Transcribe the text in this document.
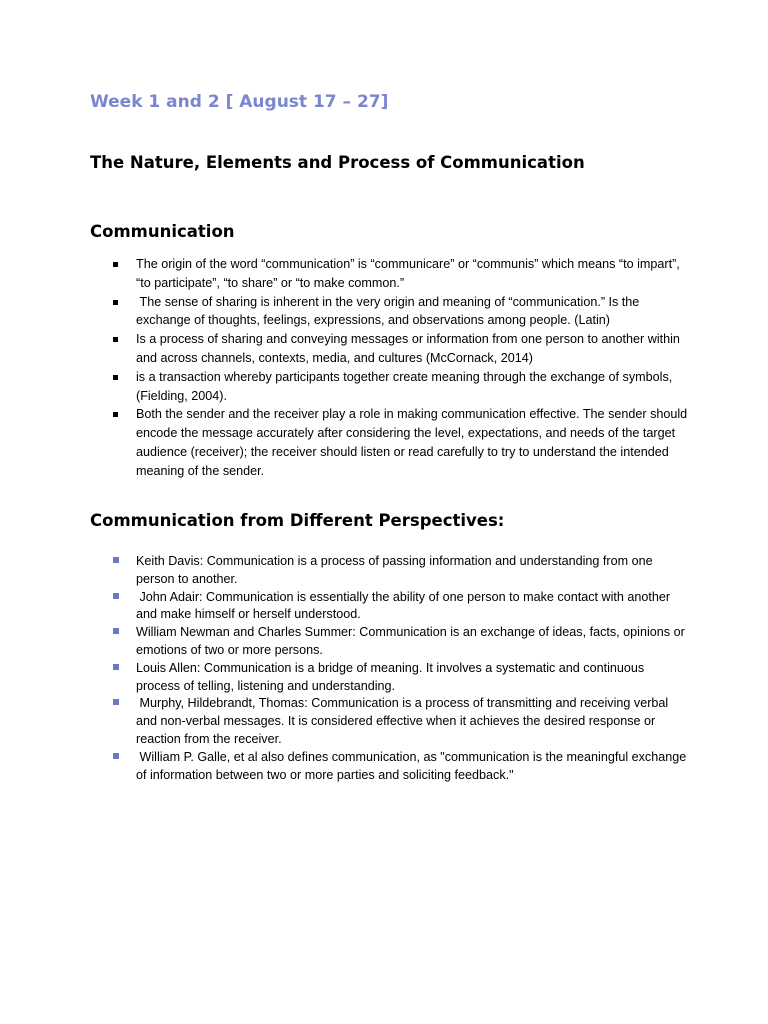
Week 1 and 2 [ August 17 – 27]
The Nature, Elements and Process of Communication
Communication
The origin of the word “communication” is “communicare” or “communis” which means “to impart”, “to participate”, “to share” or “to make common.”
The sense of sharing is inherent in the very origin and meaning of “communication.” Is the exchange of thoughts, feelings, expressions, and observations among people. (Latin)
Is a process of sharing and conveying messages or information from one person to another within and across channels, contexts, media, and cultures (McCornack, 2014)
is a transaction whereby participants together create meaning through the exchange of symbols, (Fielding, 2004).
Both the sender and the receiver play a role in making communication effective. The sender should encode the message accurately after considering the level, expectations, and needs of the target audience (receiver); the receiver should listen or read carefully to try to understand the intended meaning of the sender.
Communication from Different Perspectives:
Keith Davis: Communication is a process of passing information and understanding from one person to another.
John Adair: Communication is essentially the ability of one person to make contact with another and make himself or herself understood.
William Newman and Charles Summer: Communication is an exchange of ideas, facts, opinions or emotions of two or more persons.
Louis Allen: Communication is a bridge of meaning. It involves a systematic and continuous process of telling, listening and understanding.
Murphy, Hildebrandt, Thomas: Communication is a process of transmitting and receiving verbal and non-verbal messages. It is considered effective when it achieves the desired response or reaction from the receiver.
William P. Galle, et al also defines communication, as "communication is the meaningful exchange of information between two or more parties and soliciting feedback."
